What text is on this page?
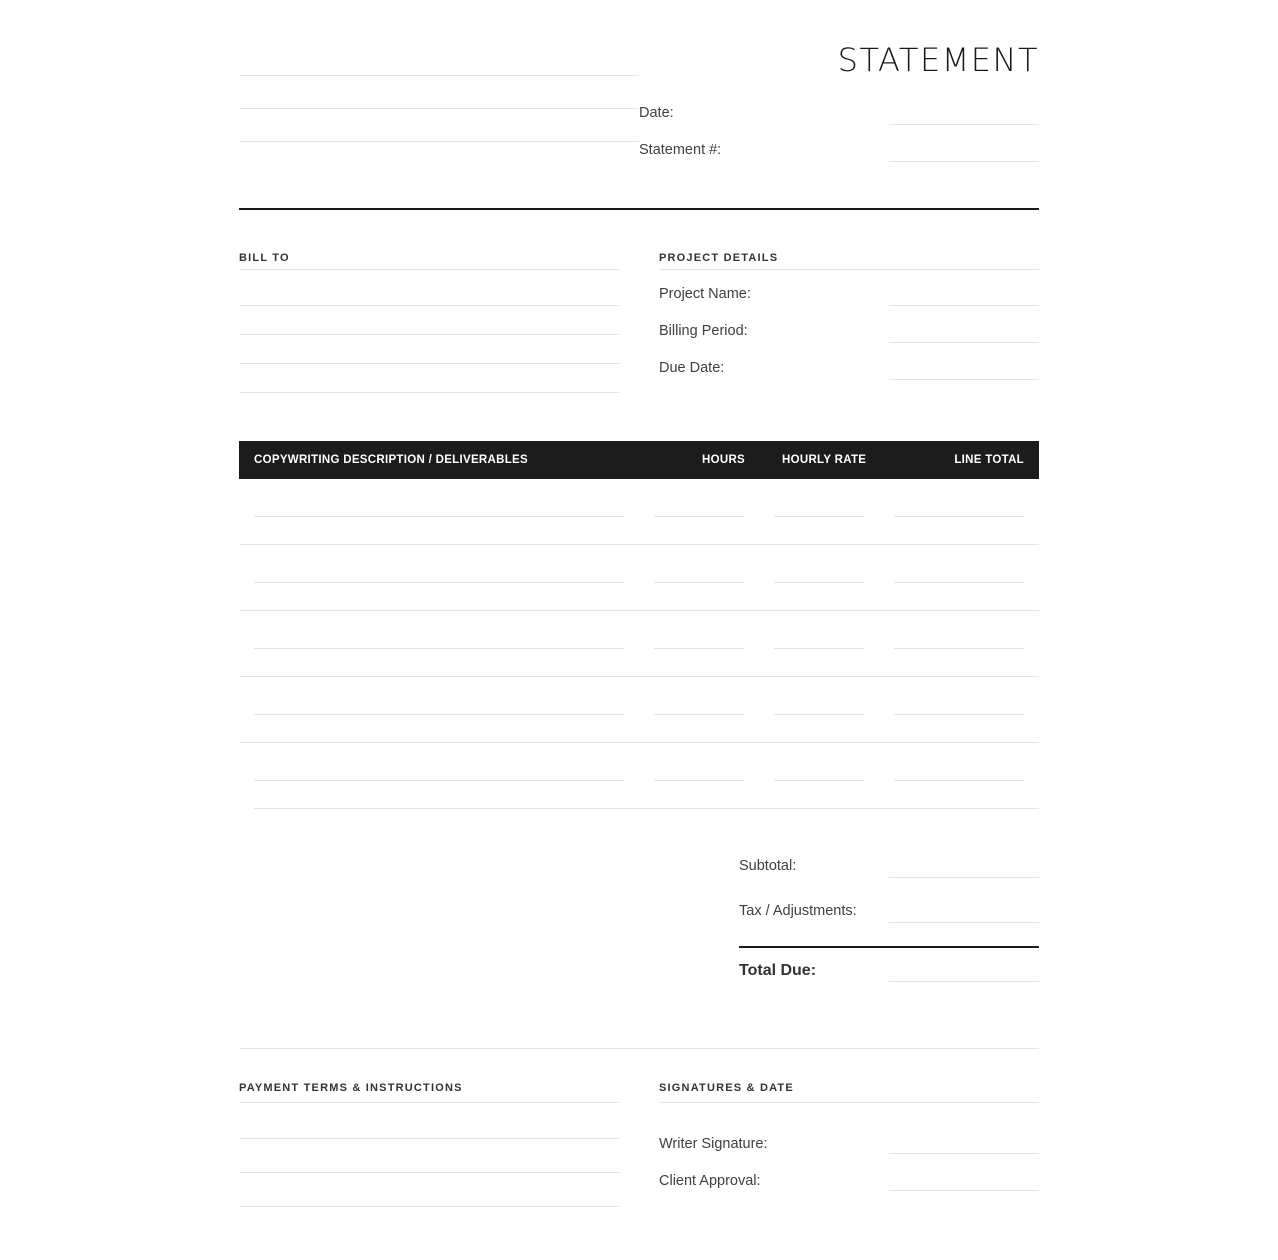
STATEMENT
Date:
Statement #:
BILL TO	PROJECT DETAILS
Project Name:
Billing Period:
Due Date:
COPYWRITING DESCRIPTION / DELIVERABLES	HOURS	HOURLY RATE	LINE TOTAL
Subtotal:
Tax / Adjustments:
Total Due:
PAYMENT TERMS & INSTRUCTIONS	SIGNATURES & DATE
Writer Signature:
Client Approval:
